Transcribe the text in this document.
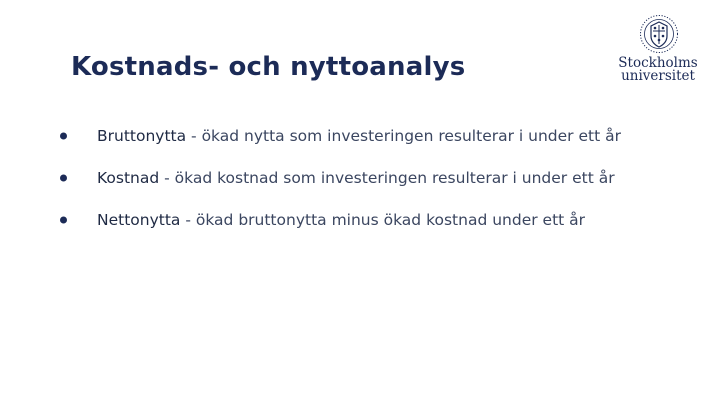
Kostnads- och nyttoanalys	Stockholms
universitet
Bruttonytta - ökad nytta som investeringen resulterar i under ett år
Kostnad - ökad kostnad som investeringen resulterar i under ett år
Nettonytta - ökad bruttonytta minus ökad kostnad under ett år
